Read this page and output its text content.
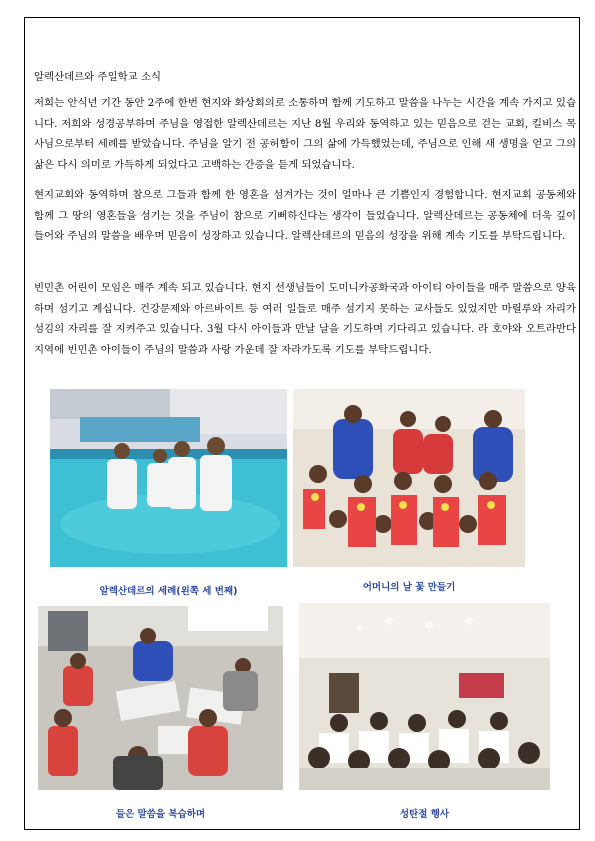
알렉산데르와 주일학교 소식

저희는 안식년 기간 동안 2주에 한번 현지와 화상회의로 소통하며 함께 기도하고 말씀을 나누는 시간을 계속 가지고 있습니다. 저희와 성경공부하며 주님을 영접한 알렉산데르는 지난 8월 우리와 동역하고 있는 믿음으로 걷는 교회, 킬비스 목사님으로부터 세례를 받았습니다. 주님을 알기 전 공허함이 그의 삶에 가득했었는데, 주님으로 인해 새 생명을 얻고 그의 삶은 다시 의미로 가득하게 되었다고 고백하는 간증을 듣게 되었습니다.

현지교회와 동역하며 참으로 그들과 함께 한 영혼을 섬겨가는 것이 얼마나 큰 기쁨인지 경험합니다. 현지교회 공동체와 함께 그 땅의 영혼들을 섬기는 것을 주님이 참으로 기뻐하신다는 생각이 들었습니다. 알렉산데르는 공동체에 더욱 깊이 들어와 주님의 말씀을 배우며 믿음이 성장하고 있습니다. 알렉산데르의 믿음의 성장을 위해 계속 기도를 부탁드립니다.

빈민촌 어린이 모임은 매주 계속 되고 있습니다. 현지 선생님들이 도미니카공화국과 아이티 아이들을 매주 말씀으로 양육하며 섬기고 계십니다. 건강문제와 아르바이트 등 여러 일들로 매주 섬기지 못하는 교사들도 있었지만 마릴루와 자리가 섬김의 자리를 잘 지켜주고 있습니다. 3월 다시 아이들과 만날 날을 기도하며 기다리고 있습니다. 라 호야와 오트라반다 지역에 빈민촌 아이들이 주님의 말씀과 사랑 가운데 잘 자라가도록 기도를 부탁드립니다.

알렉산데르의 세례(왼쪽 세 번째)	어머니의 날 꽃 만들기
들은 말씀을 복습하며	성탄절 행사
